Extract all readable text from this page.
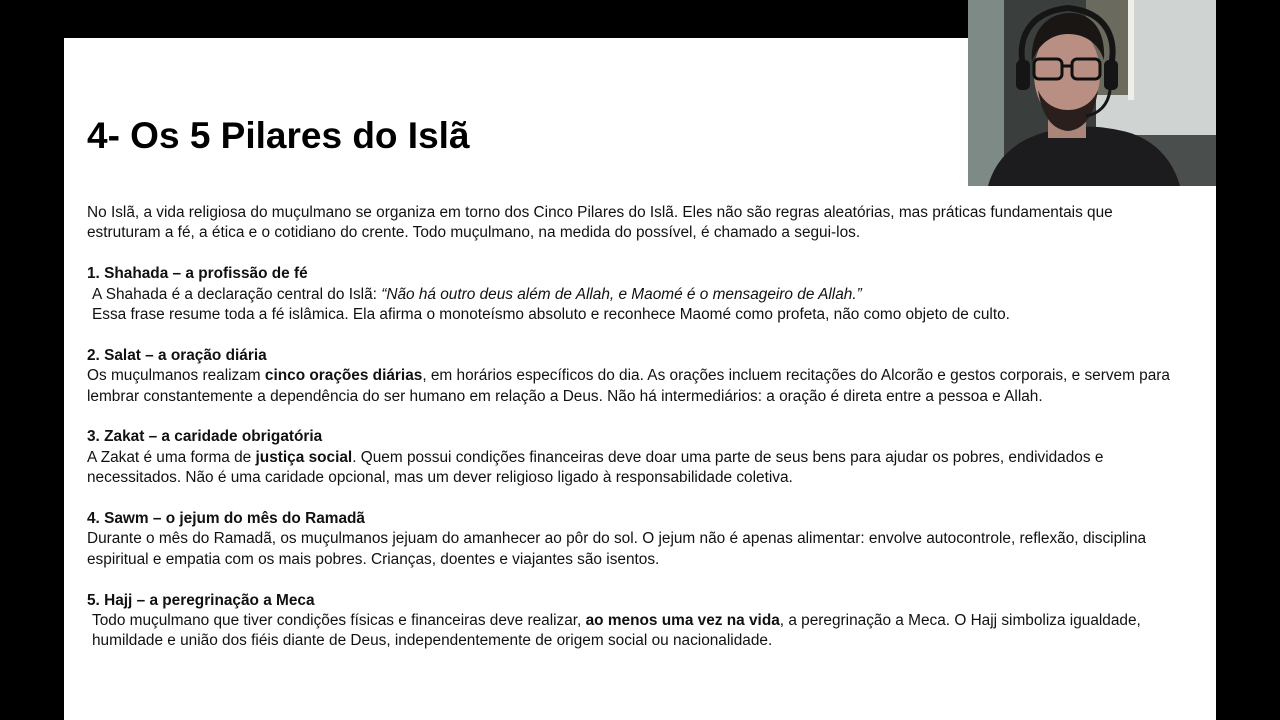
4- Os 5 Pilares do Islã

No Islã, a vida religiosa do muçulmano se organiza em torno dos Cinco Pilares do Islã. Eles não são regras aleatórias, mas práticas fundamentais que estruturam a fé, a ética e o cotidiano do crente. Todo muçulmano, na medida do possível, é chamado a segui-los.

1. Shahada – a profissão de fé

A Shahada é a declaração central do Islã: “Não há outro deus além de Allah, e Maomé é o mensageiro de Allah.”

Essa frase resume toda a fé islâmica. Ela afirma o monoteísmo absoluto e reconhece Maomé como profeta, não como objeto de culto.

2. Salat – a oração diária

Os muçulmanos realizam cinco orações diárias, em horários específicos do dia. As orações incluem recitações do Alcorão e gestos corporais, e servem para lembrar constantemente a dependência do ser humano em relação a Deus. Não há intermediários: a oração é direta entre a pessoa e Allah.

3. Zakat – a caridade obrigatória

A Zakat é uma forma de justiça social. Quem possui condições financeiras deve doar uma parte de seus bens para ajudar os pobres, endividados e necessitados. Não é uma caridade opcional, mas um dever religioso ligado à responsabilidade coletiva.

4. Sawm – o jejum do mês do Ramadã

Durante o mês do Ramadã, os muçulmanos jejuam do amanhecer ao pôr do sol. O jejum não é apenas alimentar: envolve autocontrole, reflexão, disciplina espiritual e empatia com os mais pobres. Crianças, doentes e viajantes são isentos.

5. Hajj – a peregrinação a Meca

Todo muçulmano que tiver condições físicas e financeiras deve realizar, ao menos uma vez na vida, a peregrinação a Meca. O Hajj simboliza igualdade, humildade e união dos fiéis diante de Deus, independentemente de origem social ou nacionalidade.
